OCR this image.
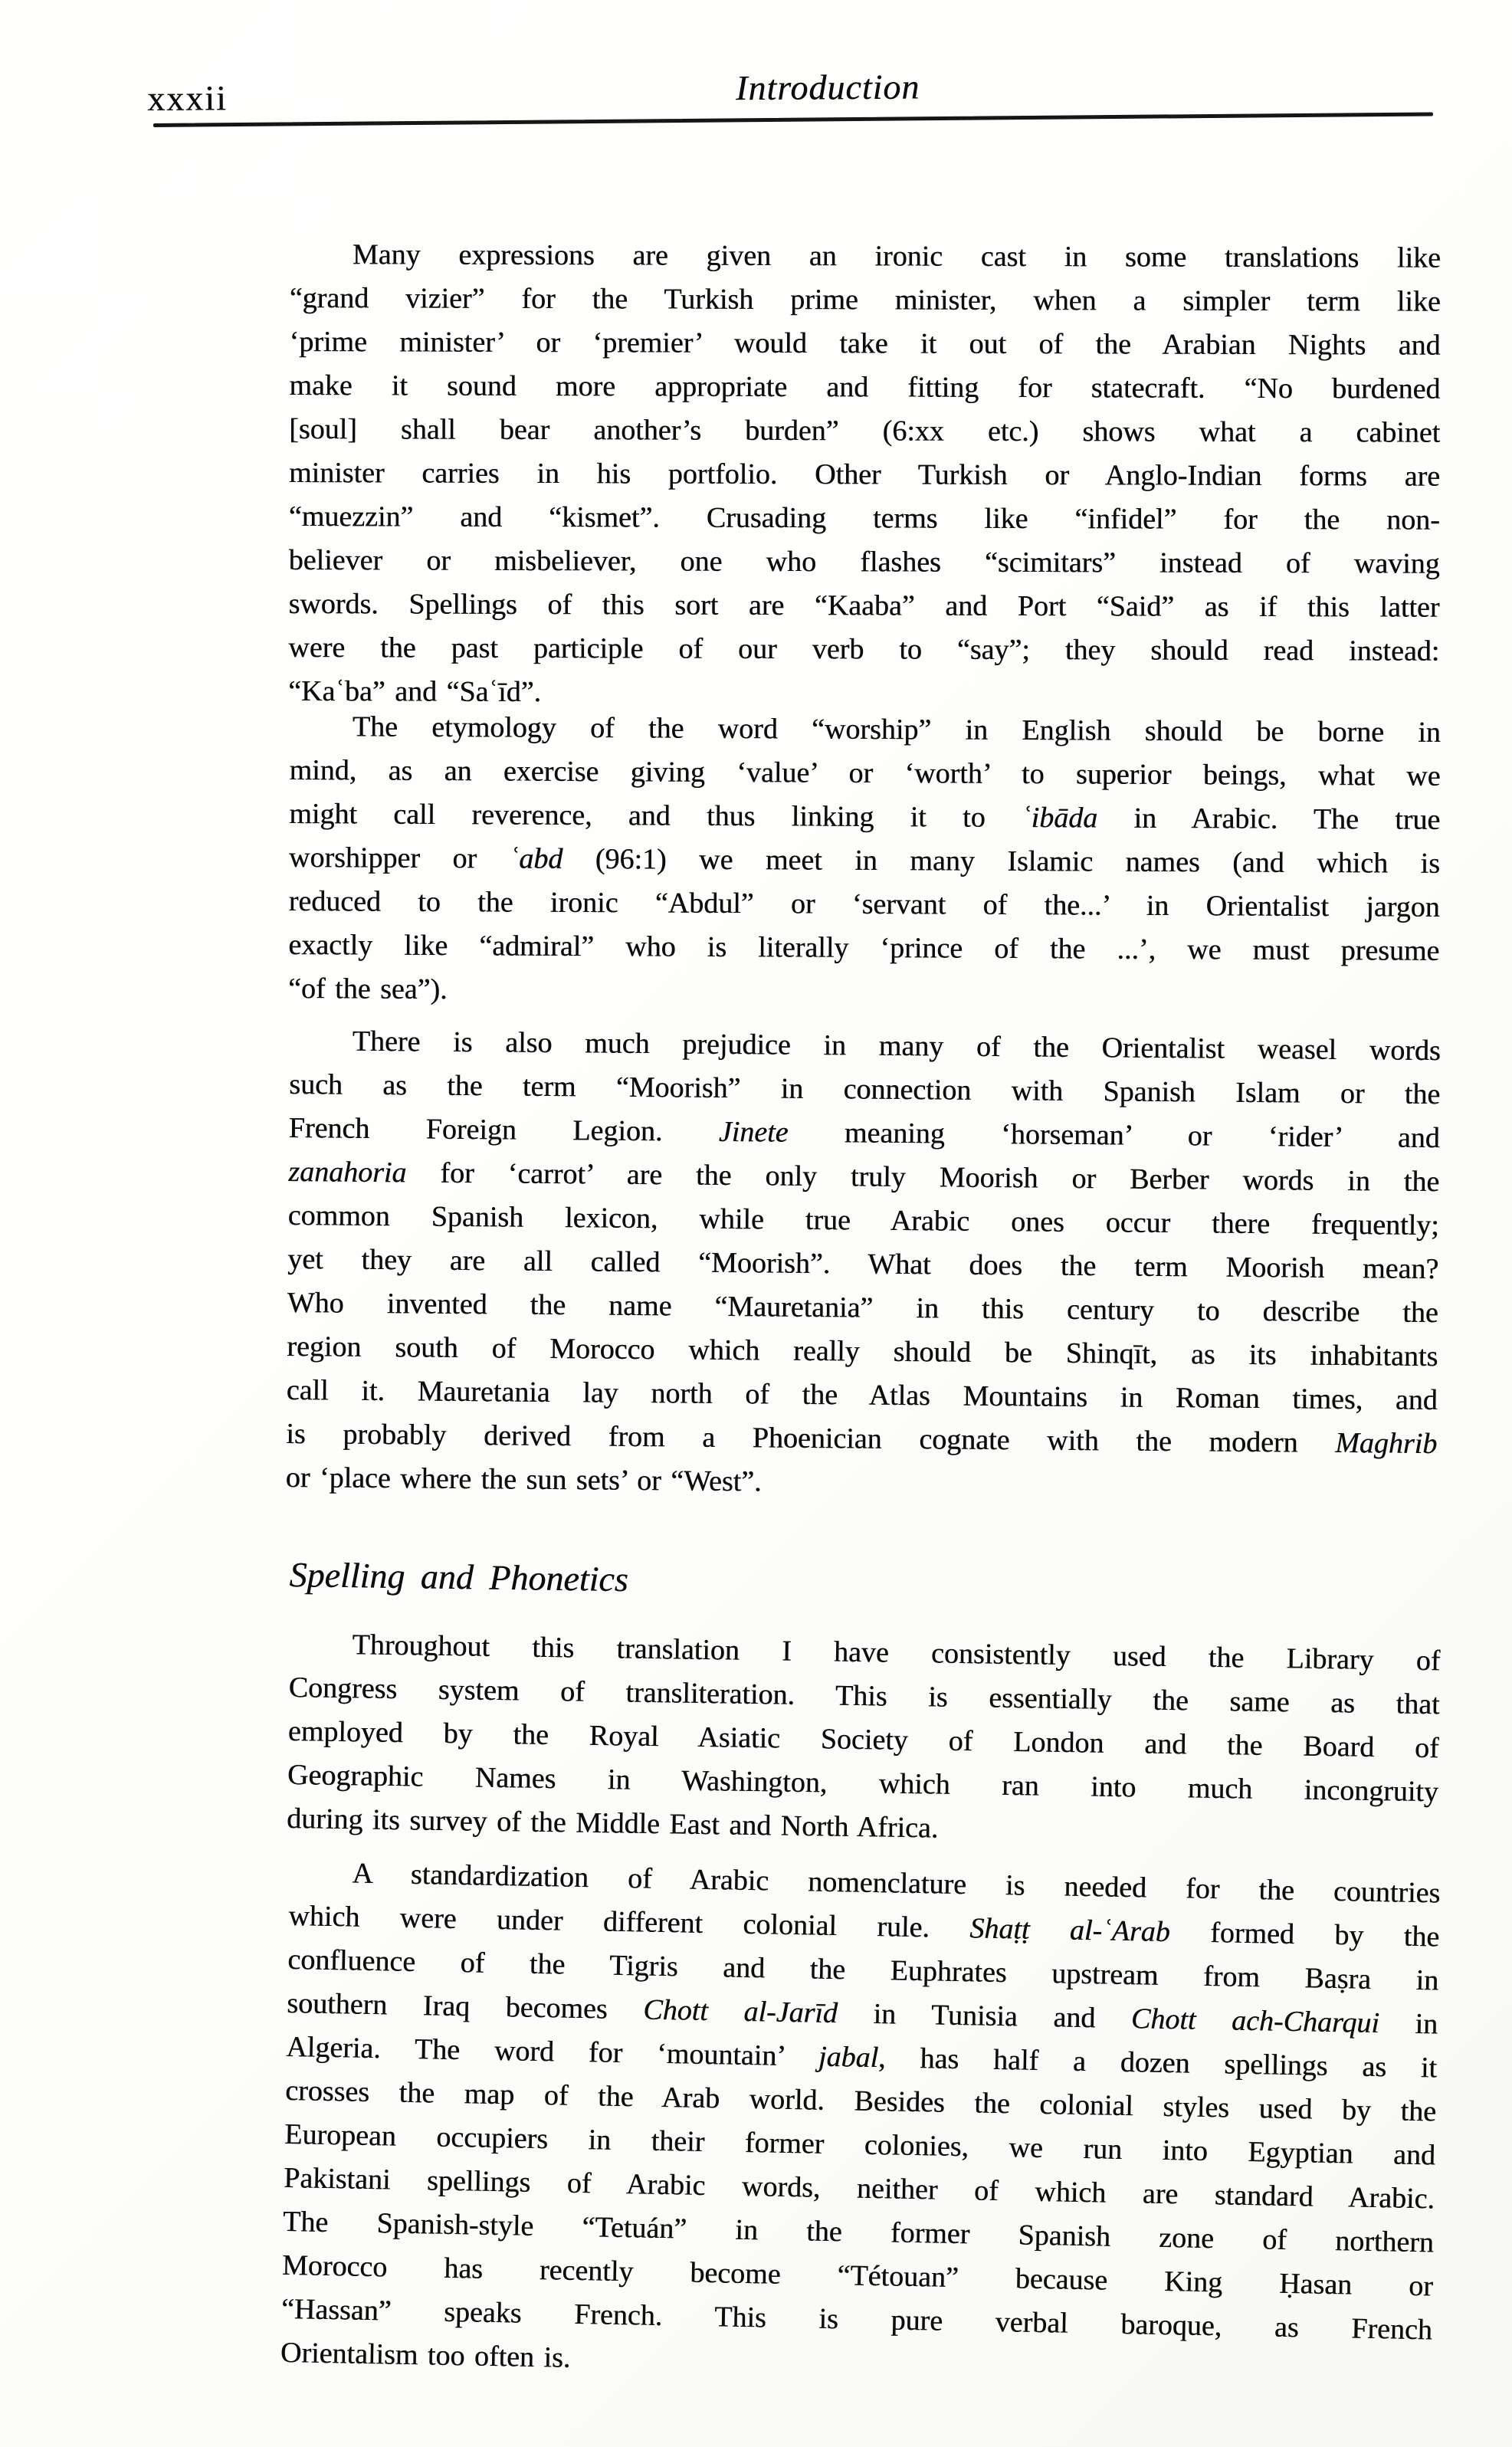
xxxii	Introduction
Many expressions are given an ironic cast in some translations like
“grand vizier” for the Turkish prime minister, when a simpler term like
‘prime minister’ or ‘premier’ would take it out of the Arabian Nights and
make it sound more appropriate and fitting for statecraft. “No burdened
[soul] shall bear another’s burden” (6:xx etc.) shows what a cabinet
minister carries in his portfolio. Other Turkish or Anglo-Indian forms are
“muezzin” and “kismet”. Crusading terms like “infidel” for the non-
believer or misbeliever, one who flashes “scimitars” instead of waving
swords. Spellings of this sort are “Kaaba” and Port “Said” as if this latter
were the past participle of our verb to “say”; they should read instead:
“Kaʿba” and “Saʿīd”.
The etymology of the word “worship” in English should be borne in
mind, as an exercise giving ‘value’ or ‘worth’ to superior beings, what we
might call reverence, and thus linking it to ʿibāda in Arabic. The true
worshipper or ʿabd (96:1) we meet in many Islamic names (and which is
reduced to the ironic “Abdul” or ‘servant of the...’ in Orientalist jargon
exactly like “admiral” who is literally ‘prince of the ...’, we must presume
“of the sea”).
There is also much prejudice in many of the Orientalist weasel words
such as the term “Moorish” in connection with Spanish Islam or the
French Foreign Legion. Jinete meaning ‘horseman’ or ‘rider’ and
zanahoria for ‘carrot’ are the only truly Moorish or Berber words in the
common Spanish lexicon, while true Arabic ones occur there frequently;
yet they are all called “Moorish”. What does the term Moorish mean?
Who invented the name “Mauretania” in this century to describe the
region south of Morocco which really should be Shinqīt, as its inhabitants
call it. Mauretania lay north of the Atlas Mountains in Roman times, and
is probably derived from a Phoenician cognate with the modern Maghrib
or ‘place where the sun sets’ or “West”.
Spelling and Phonetics
Throughout this translation I have consistently used the Library of
Congress system of transliteration. This is essentially the same as that
employed by the Royal Asiatic Society of London and the Board of
Geographic Names in Washington, which ran into much incongruity
during its survey of the Middle East and North Africa.
A standardization of Arabic nomenclature is needed for the countries
which were under different colonial rule. Shaṭṭ al-ʿArab formed by the
confluence of the Tigris and the Euphrates upstream from Baṣra in
southern Iraq becomes Chott al-Jarīd in Tunisia and Chott ach-Charqui in
Algeria. The word for ‘mountain’ jabal, has half a dozen spellings as it
crosses the map of the Arab world. Besides the colonial styles used by the
European occupiers in their former colonies, we run into Egyptian and
Pakistani spellings of Arabic words, neither of which are standard Arabic.
The Spanish-style “Tetuán” in the former Spanish zone of northern
Morocco has recently become “Tétouan” because King Ḥasan or
“Hassan” speaks French. This is pure verbal baroque, as French
Orientalism too often is.
